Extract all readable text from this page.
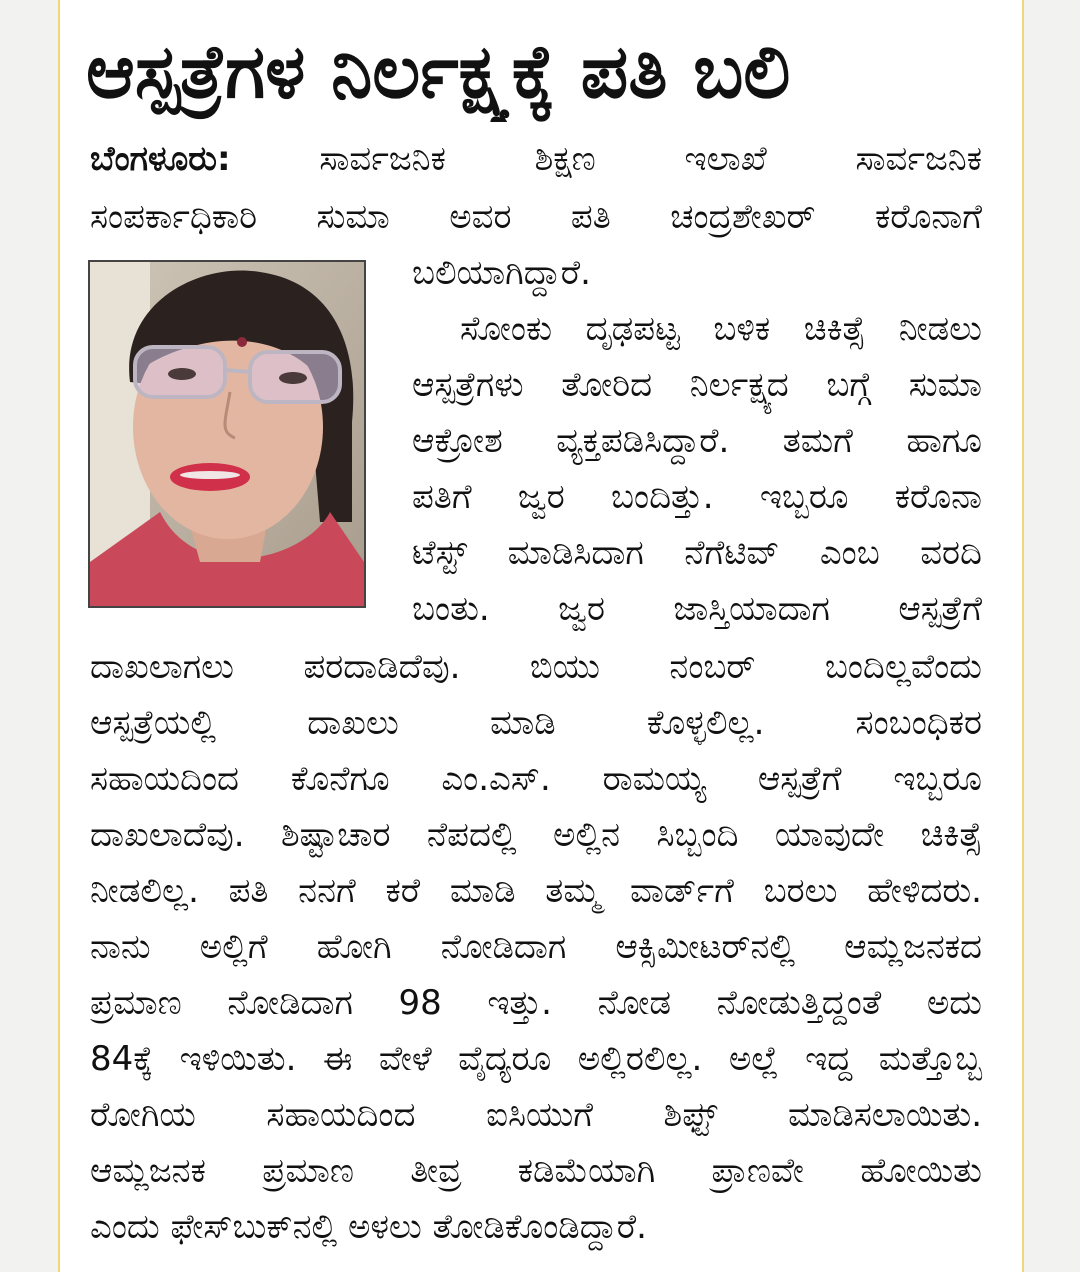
ಆಸ್ಪತ್ರೆಗಳ ನಿರ್ಲಕ್ಷ್ಯಕ್ಕೆ ಪತಿ ಬಲಿ
ಬೆಂಗಳೂರು:	ಸಾರ್ವಜನಿಕ ಶಿಕ್ಷಣ ಇಲಾಖೆ ಸಾರ್ವಜನಿಕ
ಸಂಪರ್ಕಾಧಿಕಾರಿ ಸುಮಾ ಅವರ ಪತಿ ಚಂದ್ರಶೇಖರ್ ಕರೊನಾಗೆ
ಬಲಿಯಾಗಿದ್ದಾರೆ.
ಸೋಂಕು ದೃಢಪಟ್ಟ ಬಳಿಕ ಚಿಕಿತ್ಸೆ ನೀಡಲು
ಆಸ್ಪತ್ರೆಗಳು ತೋರಿದ ನಿರ್ಲಕ್ಷ್ಯದ ಬಗ್ಗೆ ಸುಮಾ
ಆಕ್ರೋಶ ವ್ಯಕ್ತಪಡಿಸಿದ್ದಾರೆ. ತಮಗೆ ಹಾಗೂ
ಪತಿಗೆ ಜ್ವರ ಬಂದಿತ್ತು. ಇಬ್ಬರೂ ಕರೊನಾ
ಟೆಸ್ಟ್ ಮಾಡಿಸಿದಾಗ ನೆಗೆಟಿವ್ ಎಂಬ ವರದಿ
ಬಂತು. ಜ್ವರ ಜಾಸ್ತಿಯಾದಾಗ ಆಸ್ಪತ್ರೆಗೆ
ದಾಖಲಾಗಲು ಪರದಾಡಿದೆವು. ಬಿಯು ನಂಬರ್ ಬಂದಿಲ್ಲವೆಂದು
ಆಸ್ಪತ್ರೆಯಲ್ಲಿ ದಾಖಲು ಮಾಡಿ ಕೊಳ್ಳಲಿಲ್ಲ. ಸಂಬಂಧಿಕರ
ಸಹಾಯದಿಂದ ಕೊನೆಗೂ ಎಂ.ಎಸ್. ರಾಮಯ್ಯ ಆಸ್ಪತ್ರೆಗೆ ಇಬ್ಬರೂ
ದಾಖಲಾದೆವು. ಶಿಷ್ಟಾಚಾರ ನೆಪದಲ್ಲಿ ಅಲ್ಲಿನ ಸಿಬ್ಬಂದಿ ಯಾವುದೇ ಚಿಕಿತ್ಸೆ
ನೀಡಲಿಲ್ಲ. ಪತಿ ನನಗೆ ಕರೆ ಮಾಡಿ ತಮ್ಮ ವಾರ್ಡ್‌ಗೆ ಬರಲು ಹೇಳಿದರು.
ನಾನು ಅಲ್ಲಿಗೆ ಹೋಗಿ ನೋಡಿದಾಗ ಆಕ್ಸಿಮೀಟರ್‌ನಲ್ಲಿ ಆಮ್ಲಜನಕದ
ಪ್ರಮಾಣ ನೋಡಿದಾಗ 98 ಇತ್ತು. ನೋಡ ನೋಡುತ್ತಿದ್ದಂತೆ ಅದು
84ಕ್ಕೆ ಇಳಿಯಿತು. ಈ ವೇಳೆ ವೈದ್ಯರೂ ಅಲ್ಲಿರಲಿಲ್ಲ. ಅಲ್ಲೆ ಇದ್ದ ಮತ್ತೊಬ್ಬ
ರೋಗಿಯ ಸಹಾಯದಿಂದ ಐಸಿಯುಗೆ ಶಿಫ್ಟ್ ಮಾಡಿಸಲಾಯಿತು.
ಆಮ್ಲಜನಕ ಪ್ರಮಾಣ ತೀವ್ರ ಕಡಿಮೆಯಾಗಿ ಪ್ರಾಣವೇ ಹೋಯಿತು
ಎಂದು ಫೇಸ್‌ಬುಕ್‌ನಲ್ಲಿ ಅಳಲು ತೋಡಿಕೊಂಡಿದ್ದಾರೆ.
